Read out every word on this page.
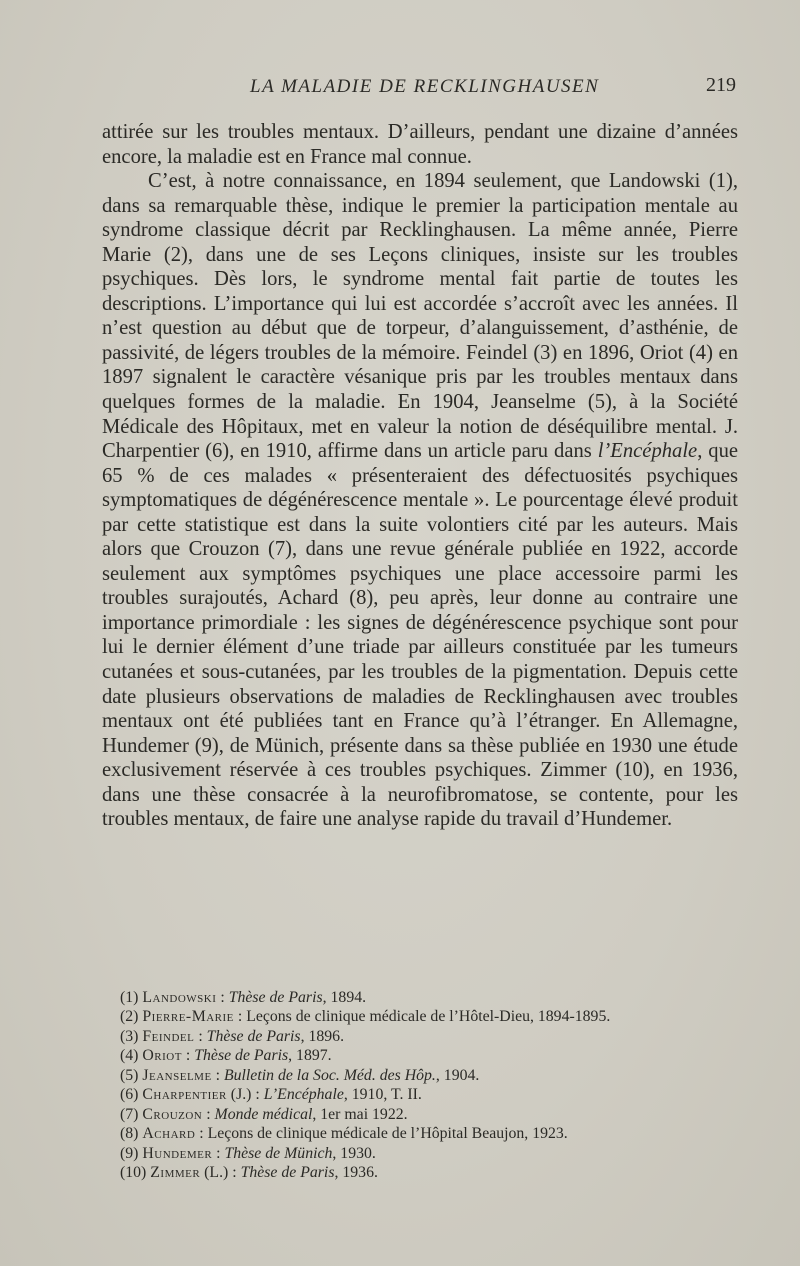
LA MALADIE DE RECKLINGHAUSEN	219

attirée sur les troubles mentaux. D’ailleurs, pendant une dizaine d’années encore, la maladie est en France mal connue.

C’est, à notre connaissance, en 1894 seulement, que Landowski (1), dans sa remarquable thèse, indique le premier la participation mentale au syndrome classique décrit par Recklinghausen. La même année, Pierre Marie (2), dans une de ses Leçons cliniques, insiste sur les troubles psychiques. Dès lors, le syndrome mental fait partie de toutes les descriptions. L’importance qui lui est accordée s’accroît avec les années. Il n’est question au début que de torpeur, d’alanguissement, d’asthénie, de passivité, de légers troubles de la mémoire. Feindel (3) en 1896, Oriot (4) en 1897 signalent le caractère vésanique pris par les troubles mentaux dans quelques formes de la maladie. En 1904, Jeanselme (5), à la Société Médicale des Hôpitaux, met en valeur la notion de déséquilibre mental. J. Charpentier (6), en 1910, affirme dans un article paru dans l’Encéphale, que 65 % de ces malades « présenteraient des défectuosités psychiques symptomatiques de dégénérescence mentale ». Le pourcentage élevé produit par cette statistique est dans la suite volontiers cité par les auteurs. Mais alors que Crouzon (7), dans une revue générale publiée en 1922, accorde seulement aux symptômes psychiques une place accessoire parmi les troubles surajoutés, Achard (8), peu après, leur donne au contraire une importance primordiale : les signes de dégénérescence psychique sont pour lui le dernier élément d’une triade par ailleurs constituée par les tumeurs cutanées et sous-cutanées, par les troubles de la pigmentation. Depuis cette date plusieurs observations de maladies de Recklinghausen avec troubles mentaux ont été publiées tant en France qu’à l’étranger. En Allemagne, Hundemer (9), de Münich, présente dans sa thèse publiée en 1930 une étude exclusivement réservée à ces troubles psychiques. Zimmer (10), en 1936, dans une thèse consacrée à la neurofibromatose, se contente, pour les troubles mentaux, de faire une analyse rapide du travail d’Hundemer.

(1) Landowski : Thèse de Paris, 1894.

(2) Pierre-Marie : Leçons de clinique médicale de l’Hôtel-Dieu, 1894-1895.

(3) Feindel : Thèse de Paris, 1896.

(4) Oriot : Thèse de Paris, 1897.

(5) Jeanselme : Bulletin de la Soc. Méd. des Hôp., 1904.

(6) Charpentier (J.) : L’Encéphale, 1910, T. II.

(7) Crouzon : Monde médical, 1er mai 1922.

(8) Achard : Leçons de clinique médicale de l’Hôpital Beaujon, 1923.

(9) Hundemer : Thèse de Münich, 1930.

(10) Zimmer (L.) : Thèse de Paris, 1936.
